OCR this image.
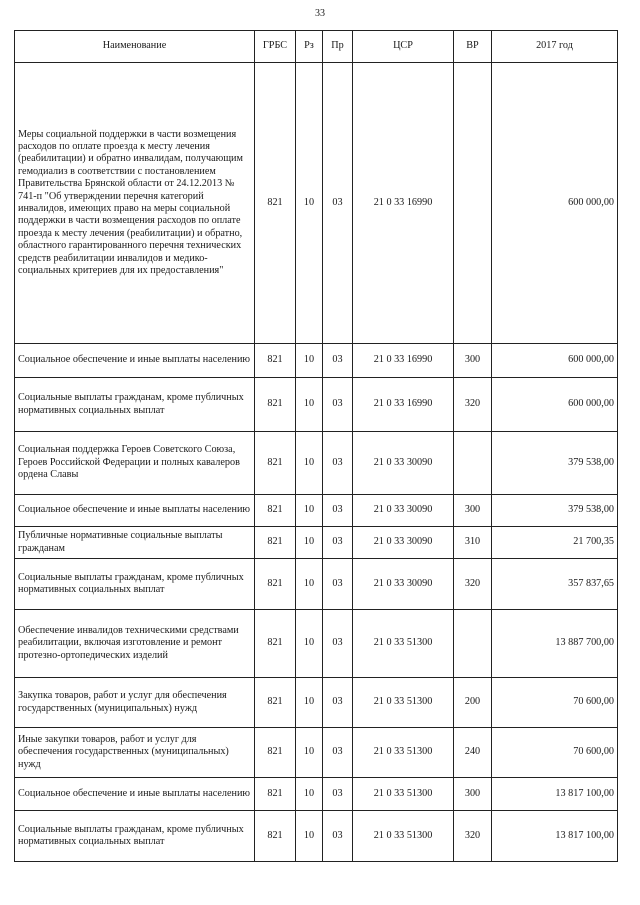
33
Наименование	ГРБС	Рз	Пр	ЦСР	ВР	2017 год
Меры социальной поддержки в части возмещения расходов по оплате проезда к месту лечения (реабилитации) и обратно инвалидам, получающим гемодиализ в соответствии с постановлением Правительства Брянской области от 24.12.2013 № 741-п "Об утверждении перечня категорий инвалидов, имеющих право на меры социальной поддержки в части возмещения расходов по оплате проезда к месту лечения (реабилитации) и обратно, областного гарантированного перечня технических средств реабилитации инвалидов и медико-социальных критериев для их предоставления"	821	10	03	21 0 33 16990		600 000,00
Социальное обеспечение и иные выплаты населению	821	10	03	21 0 33 16990	300	600 000,00
Социальные выплаты гражданам, кроме публичных нормативных социальных выплат	821	10	03	21 0 33 16990	320	600 000,00
Социальная поддержка Героев Советского Союза, Героев Российской Федерации и полных кавалеров ордена Славы	821	10	03	21 0 33 30090		379 538,00
Социальное обеспечение и иные выплаты населению	821	10	03	21 0 33 30090	300	379 538,00
Публичные нормативные социальные выплаты гражданам	821	10	03	21 0 33 30090	310	21 700,35
Социальные выплаты гражданам, кроме публичных нормативных социальных выплат	821	10	03	21 0 33 30090	320	357 837,65
Обеспечение инвалидов техническими средствами реабилитации, включая изготовление и ремонт протезно-ортопедических изделий	821	10	03	21 0 33 51300		13 887 700,00
Закупка товаров, работ и услуг для обеспечения государственных (муниципальных) нужд	821	10	03	21 0 33 51300	200	70 600,00
Иные закупки товаров, работ и услуг для обеспечения государственных (муниципальных) нужд	821	10	03	21 0 33 51300	240	70 600,00
Социальное обеспечение и иные выплаты населению	821	10	03	21 0 33 51300	300	13 817 100,00
Социальные выплаты гражданам, кроме публичных нормативных социальных выплат	821	10	03	21 0 33 51300	320	13 817 100,00
